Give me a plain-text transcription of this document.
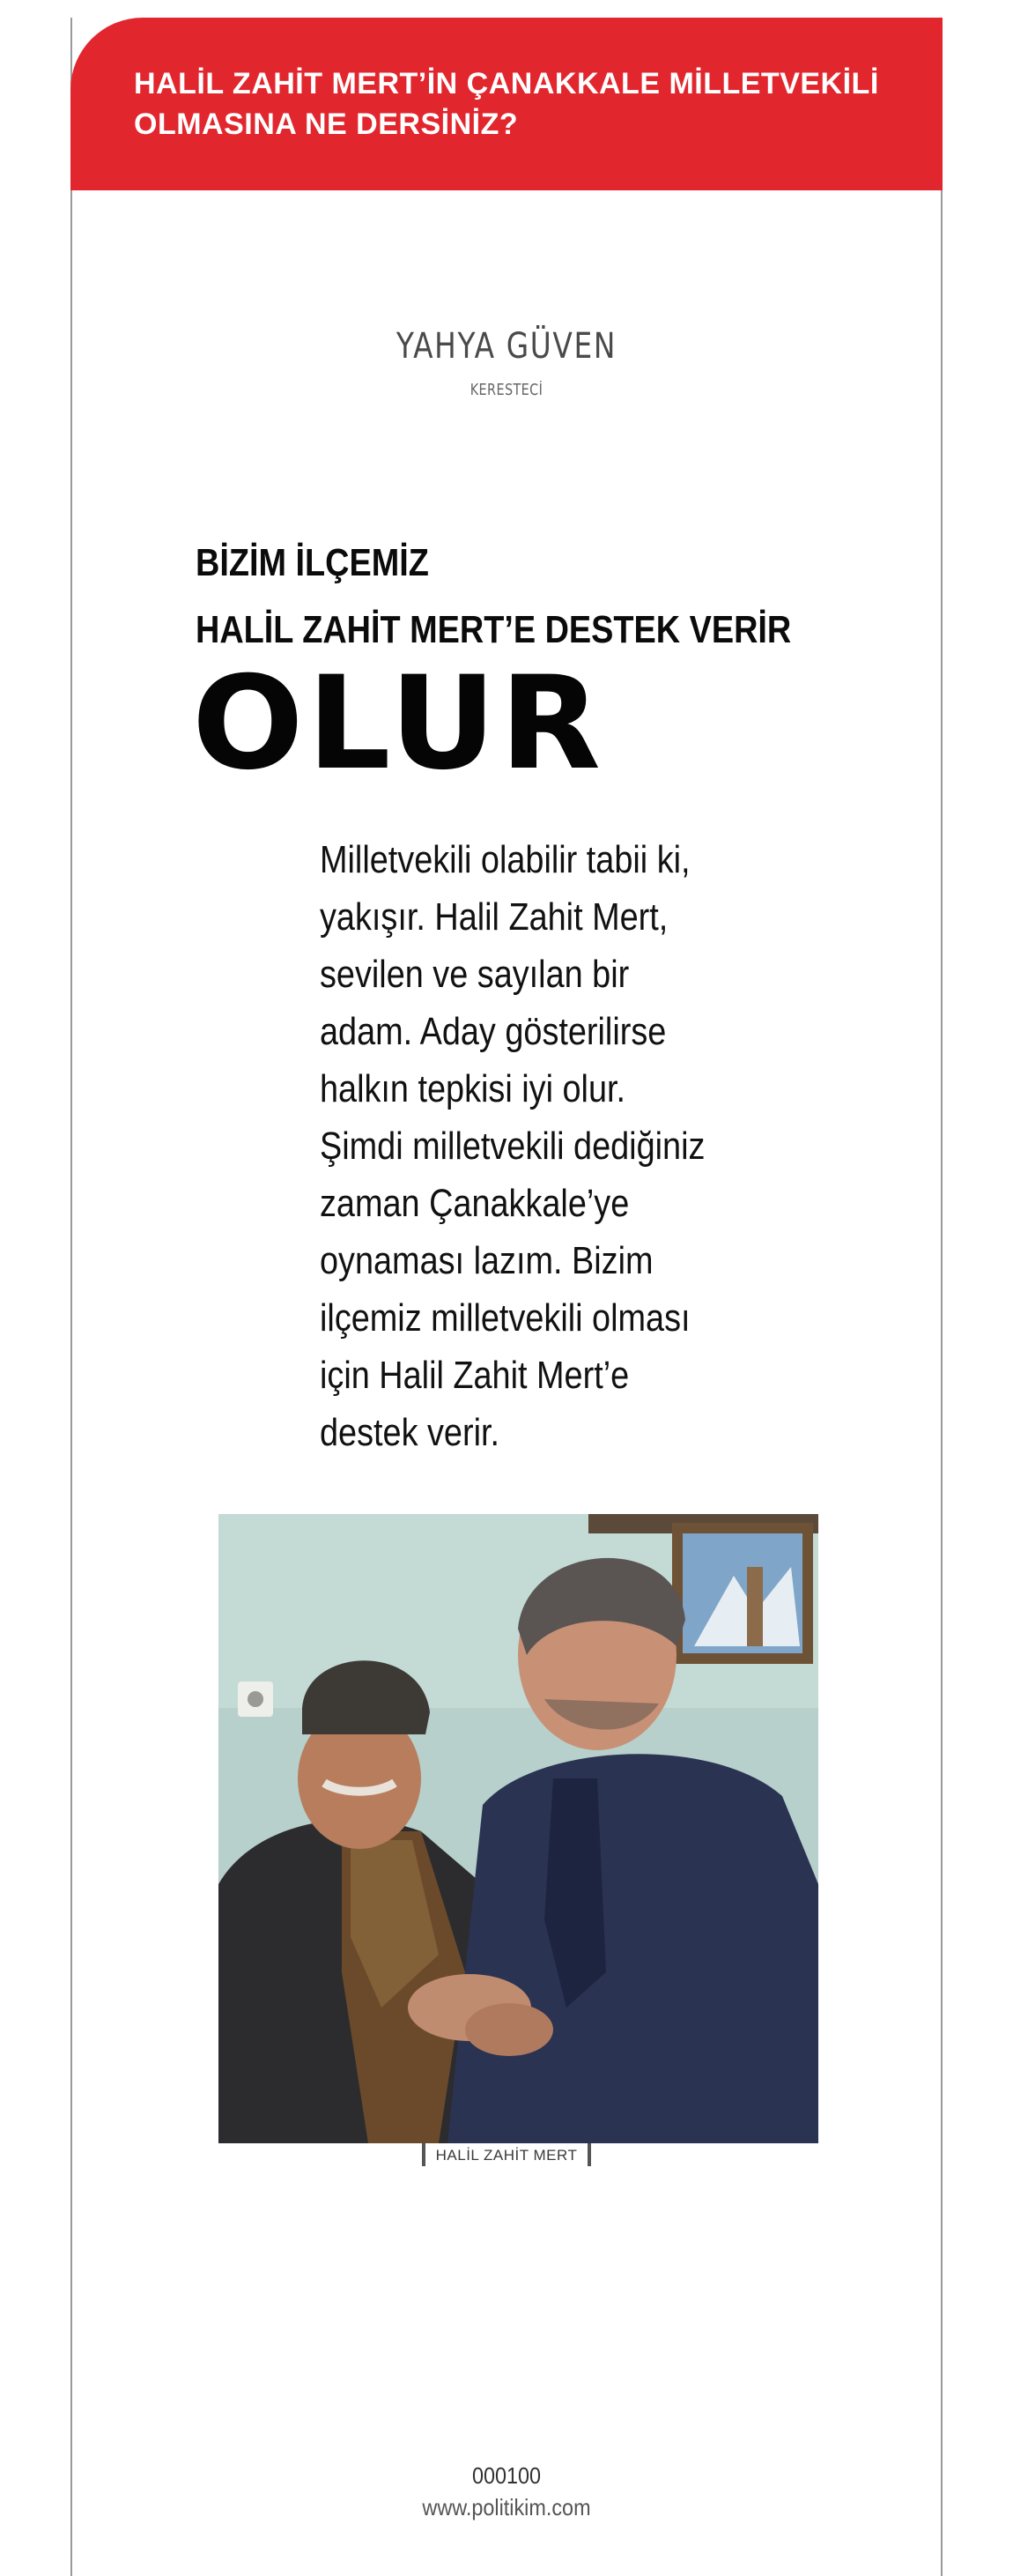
HALİL ZAHİT MERT’İN ÇANAKKALE MİLLETVEKİLİ OLMASINA NE DERSİNİZ?
YAHYA GÜVEN
KERESTECİ
BİZİM İLÇEMİZ
HALİL ZAHİT MERT’E DESTEK VERİR
OLUR
Milletvekili olabilir tabii ki,
yakışır. Halil Zahit Mert,
sevilen ve sayılan bir
adam. Aday gösterilirse
halkın tepkisi iyi olur.
Şimdi milletvekili dediğiniz
zaman Çanakkale’ye
oynaması lazım. Bizim
ilçemiz milletvekili olması
için Halil Zahit Mert’e
destek verir.
HALİL ZAHİT MERT
000100
www.politikim.com
